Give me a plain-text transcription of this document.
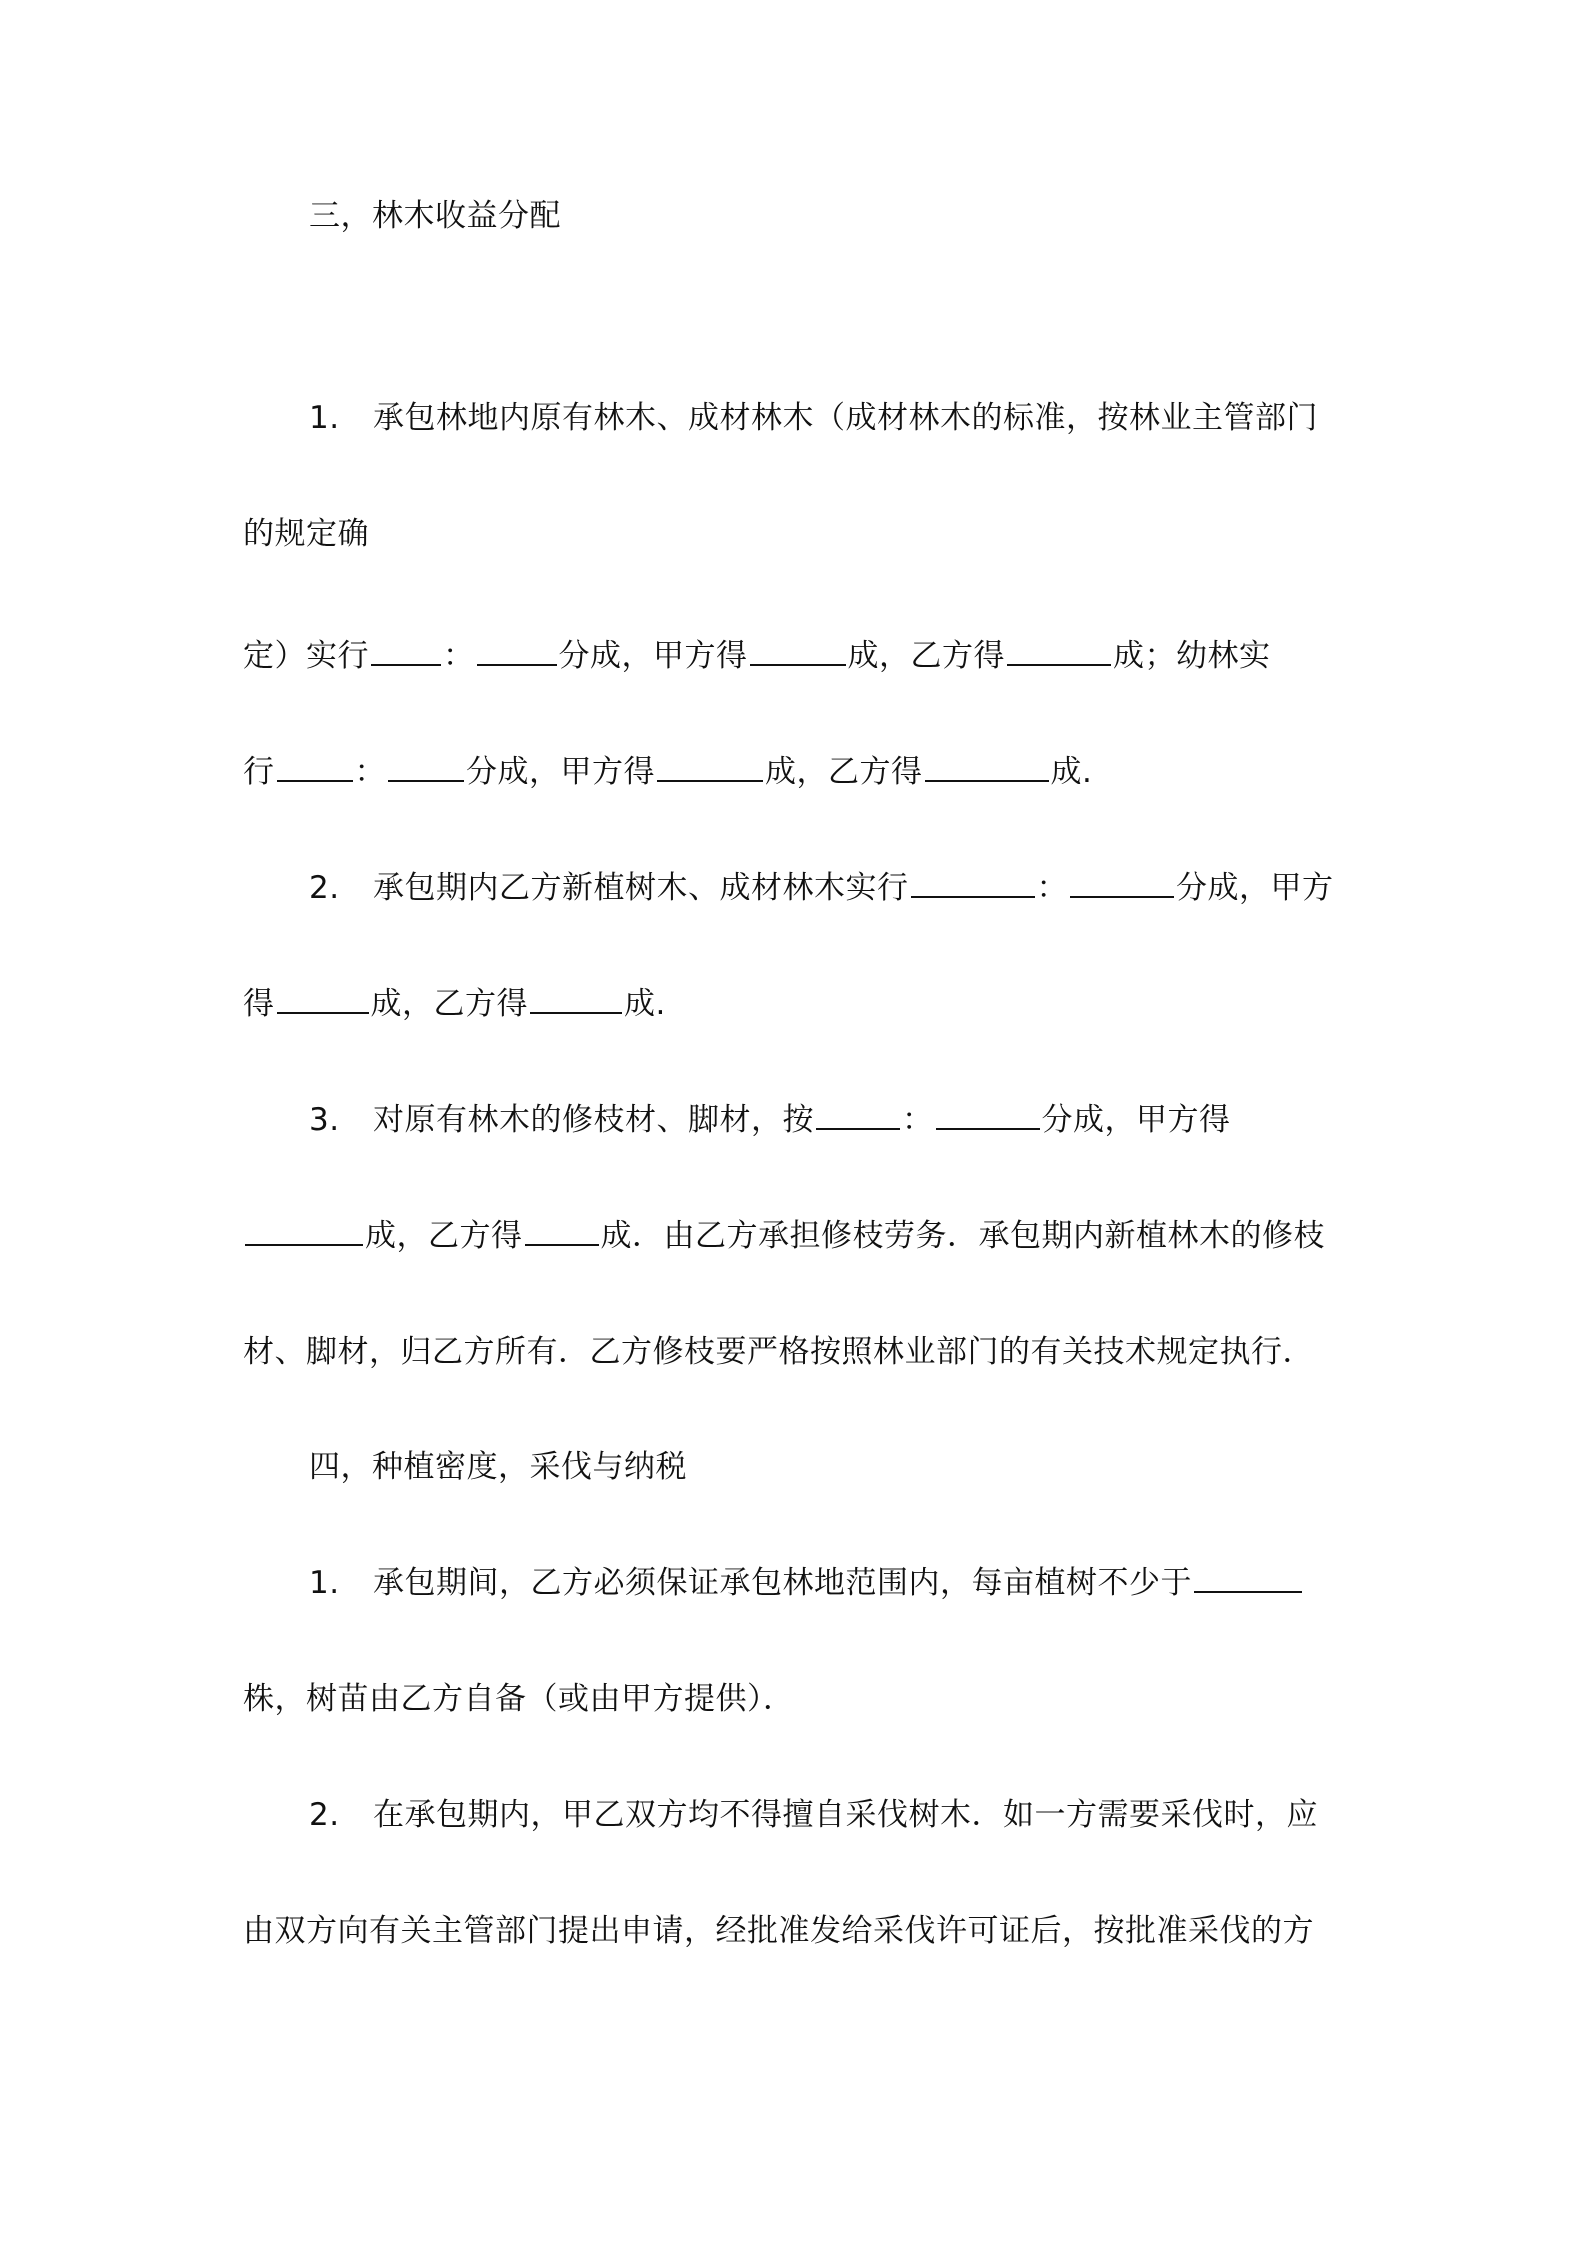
三，林木收益分配
1. 承包林地内原有林木、成材林木（成材林木的标准，按林业主管部门
的规定确
定）实行 ：	分成，甲方得	成，乙方得	成；幼林实
行	：	分成，甲方得	成，乙方得	成.
2. 承包期内乙方新植树木、成材林木实行	：	分成，甲方
得	成，乙方得	成.
3. 对原有林木的修枝材、脚材，按	：	分成，甲方得
成，乙方得	成．由乙方承担修枝劳务．承包期内新植林木的修枝
材、脚材，归乙方所有．乙方修枝要严格按照林业部门的有关技术规定执行．
四，种植密度，采伐与纳税
1. 承包期间，乙方必须保证承包林地范围内，每亩植树不少于
株，树苗由乙方自备（或由甲方提供）．
2. 在承包期内，甲乙双方均不得擅自采伐树木．如一方需要采伐时，应
由双方向有关主管部门提出申请，经批准发给采伐许可证后，按批准采伐的方
